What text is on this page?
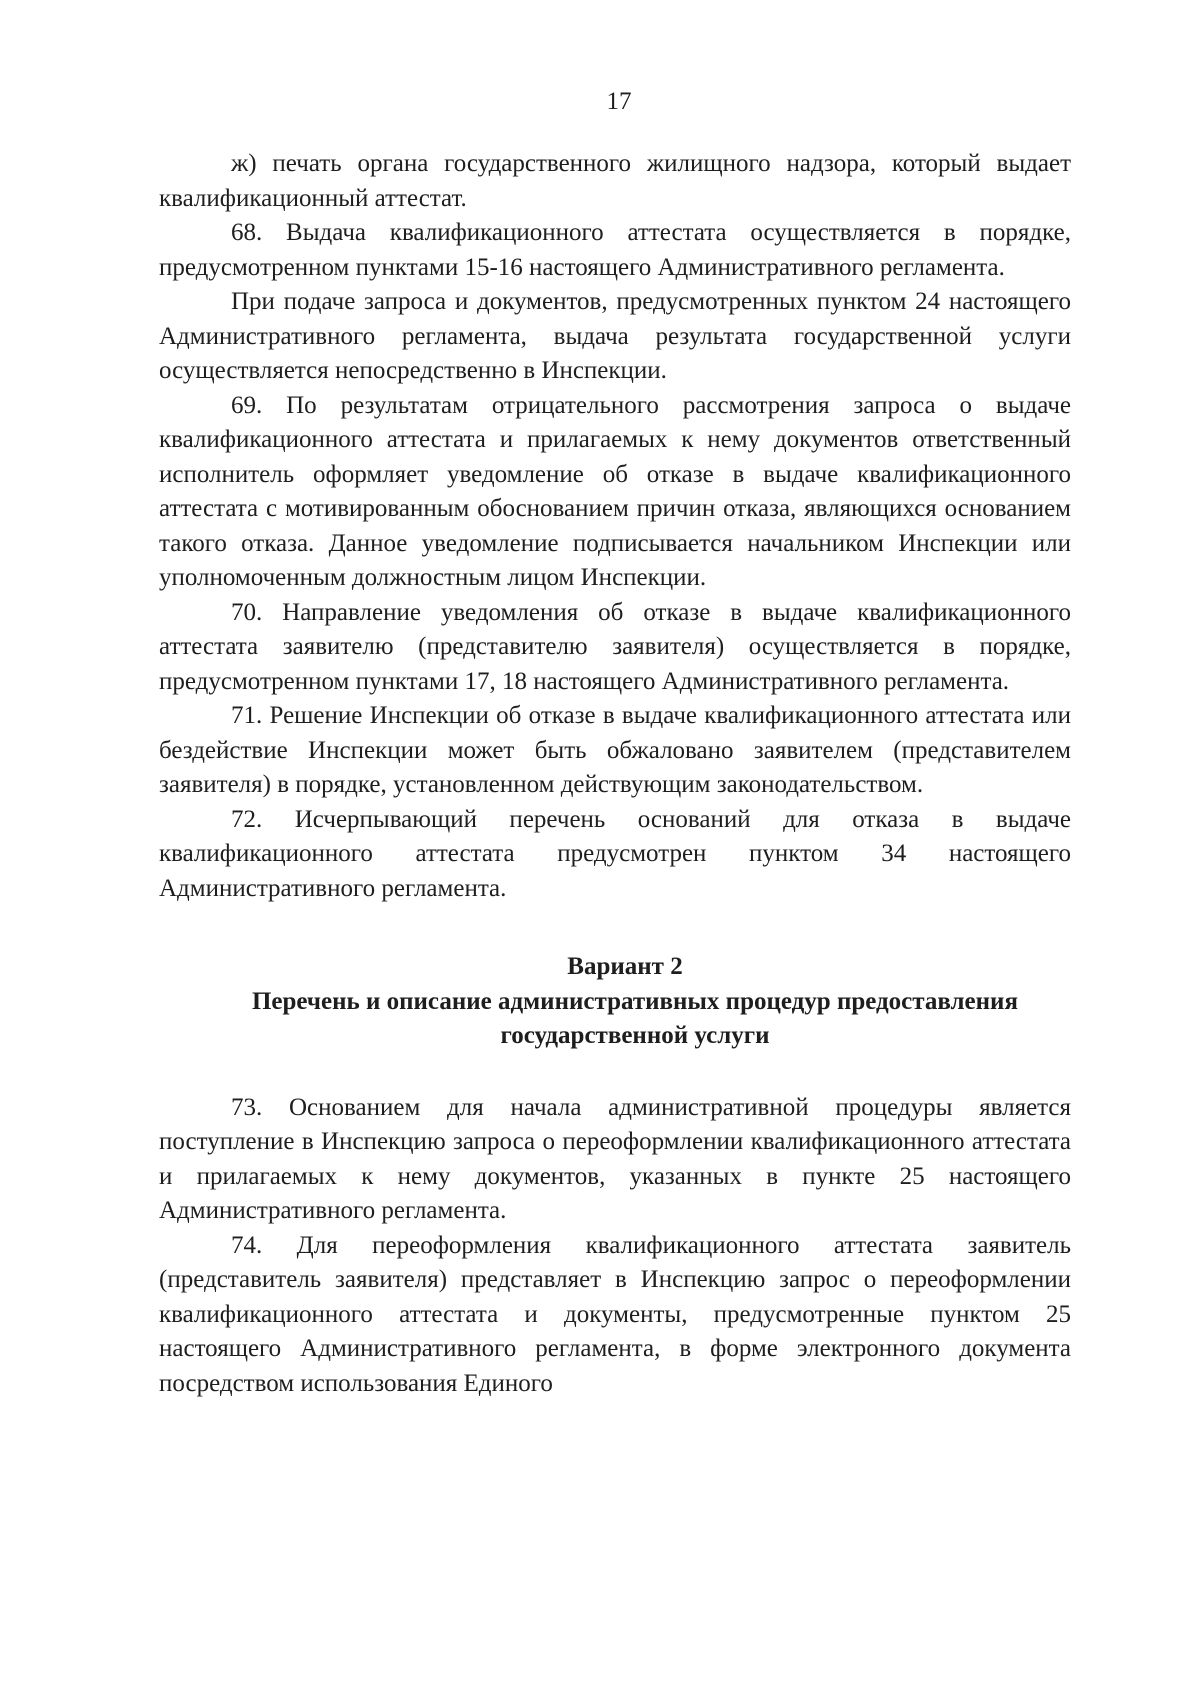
17

ж) печать органа государственного жилищного надзора, который выдает квалификационный аттестат.

68. Выдача квалификационного аттестата осуществляется в порядке, предусмотренном пунктами 15-16 настоящего Административного регламента.

При подаче запроса и документов, предусмотренных пунктом 24 настоящего Административного регламента, выдача результата государственной услуги осуществляется непосредственно в Инспекции.

69. По результатам отрицательного рассмотрения запроса о выдаче квалификационного аттестата и прилагаемых к нему документов ответственный исполнитель оформляет уведомление об отказе в выдаче квалификационного аттестата с мотивированным обоснованием причин отказа, являющихся основанием такого отказа. Данное уведомление подписывается начальником Инспекции или уполномоченным должностным лицом Инспекции.

70. Направление уведомления об отказе в выдаче квалификационного аттестата заявителю (представителю заявителя) осуществляется в порядке, предусмотренном пунктами 17, 18 настоящего Административного регламента.

71. Решение Инспекции об отказе в выдаче квалификационного аттестата или бездействие Инспекции может быть обжаловано заявителем (представителем заявителя) в порядке, установленном действующим законодательством.

72. Исчерпывающий перечень оснований для отказа в выдаче квалификационного аттестата предусмотрен пунктом 34 настоящего Административного регламента.

Вариант 2
Перечень и описание административных процедур предоставления
государственной услуги

73. Основанием для начала административной процедуры является поступление в Инспекцию запроса о переоформлении квалификационного аттестата и прилагаемых к нему документов, указанных в пункте 25 настоящего Административного регламента.

74. Для переоформления квалификационного аттестата заявитель (представитель заявителя) представляет в Инспекцию запрос о переоформлении квалификационного аттестата и документы, предусмотренные пунктом 25 настоящего Административного регламента, в форме электронного документа посредством использования Единого
